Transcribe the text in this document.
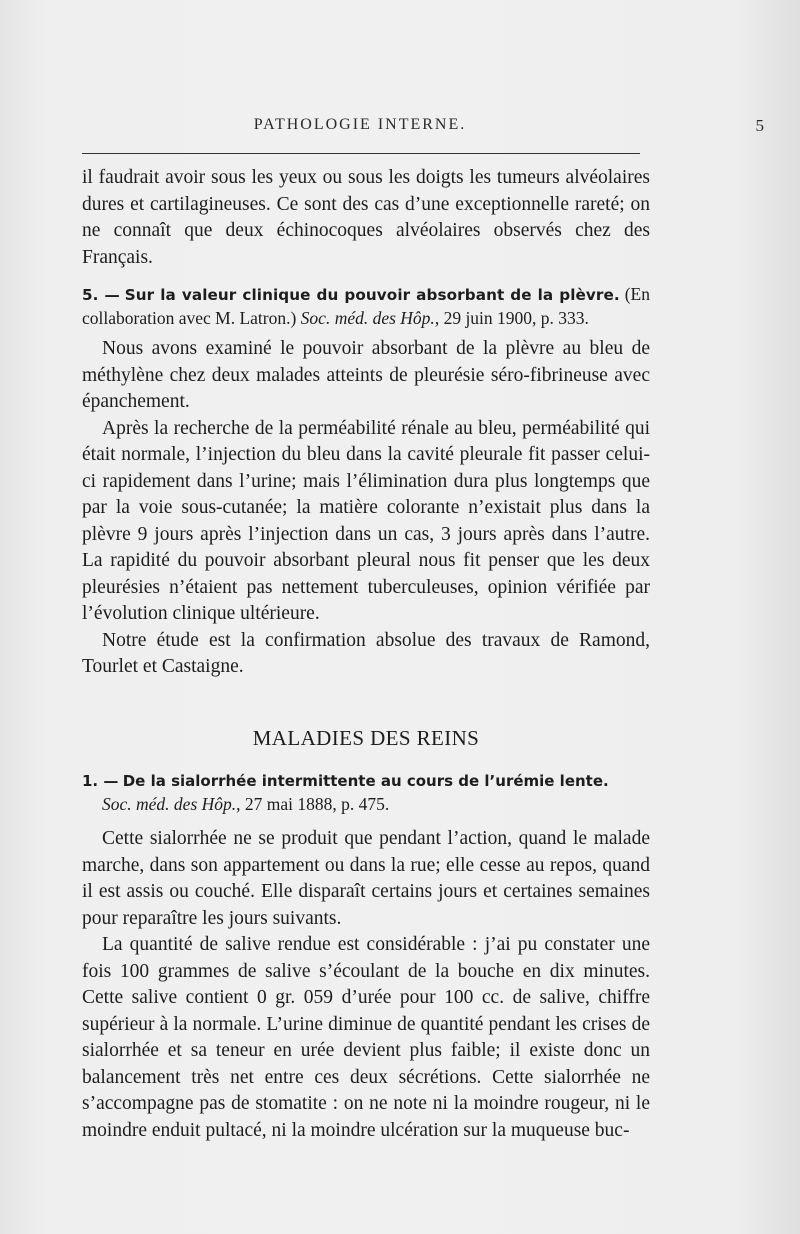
PATHOLOGIE INTERNE.	5

il faudrait avoir sous les yeux ou sous les doigts les tumeurs alvéolaires dures et cartilagineuses. Ce sont des cas d’une exceptionnelle rareté; on ne connaît que deux échinocoques alvéolaires observés chez des Français.

5. — Sur la valeur clinique du pouvoir absorbant de la plèvre. (En collaboration avec M. Latron.) Soc. méd. des Hôp., 29 juin 1900, p. 333.

Nous avons examiné le pouvoir absorbant de la plèvre au bleu de méthylène chez deux malades atteints de pleurésie séro-fibrineuse avec épanchement.

Après la recherche de la perméabilité rénale au bleu, perméabilité qui était normale, l’injection du bleu dans la cavité pleurale fit passer celui-ci rapidement dans l’urine; mais l’élimination dura plus longtemps que par la voie sous-cutanée; la matière colorante n’existait plus dans la plèvre 9 jours après l’injection dans un cas, 3 jours après dans l’autre. La rapidité du pouvoir absorbant pleural nous fit penser que les deux pleurésies n’étaient pas nettement tuberculeuses, opinion vérifiée par l’évolution clinique ultérieure.

Notre étude est la confirmation absolue des travaux de Ramond, Tourlet et Castaigne.

MALADIES DES REINS
1. — De la sialorrhée intermittente au cours de l’urémie lente.
Soc. méd. des Hôp., 27 mai 1888, p. 475.

Cette sialorrhée ne se produit que pendant l’action, quand le malade marche, dans son appartement ou dans la rue; elle cesse au repos, quand il est assis ou couché. Elle disparaît certains jours et certaines semaines pour reparaître les jours suivants.

La quantité de salive rendue est considérable : j’ai pu constater une fois 100 grammes de salive s’écoulant de la bouche en dix minutes. Cette salive contient 0 gr. 059 d’urée pour 100 cc. de salive, chiffre supérieur à la normale. L’urine diminue de quantité pendant les crises de sialorrhée et sa teneur en urée devient plus faible; il existe donc un balancement très net entre ces deux sécrétions. Cette sialorrhée ne s’accompagne pas de stomatite : on ne note ni la moindre rougeur, ni le moindre enduit pultacé, ni la moindre ulcération sur la muqueuse buc-
